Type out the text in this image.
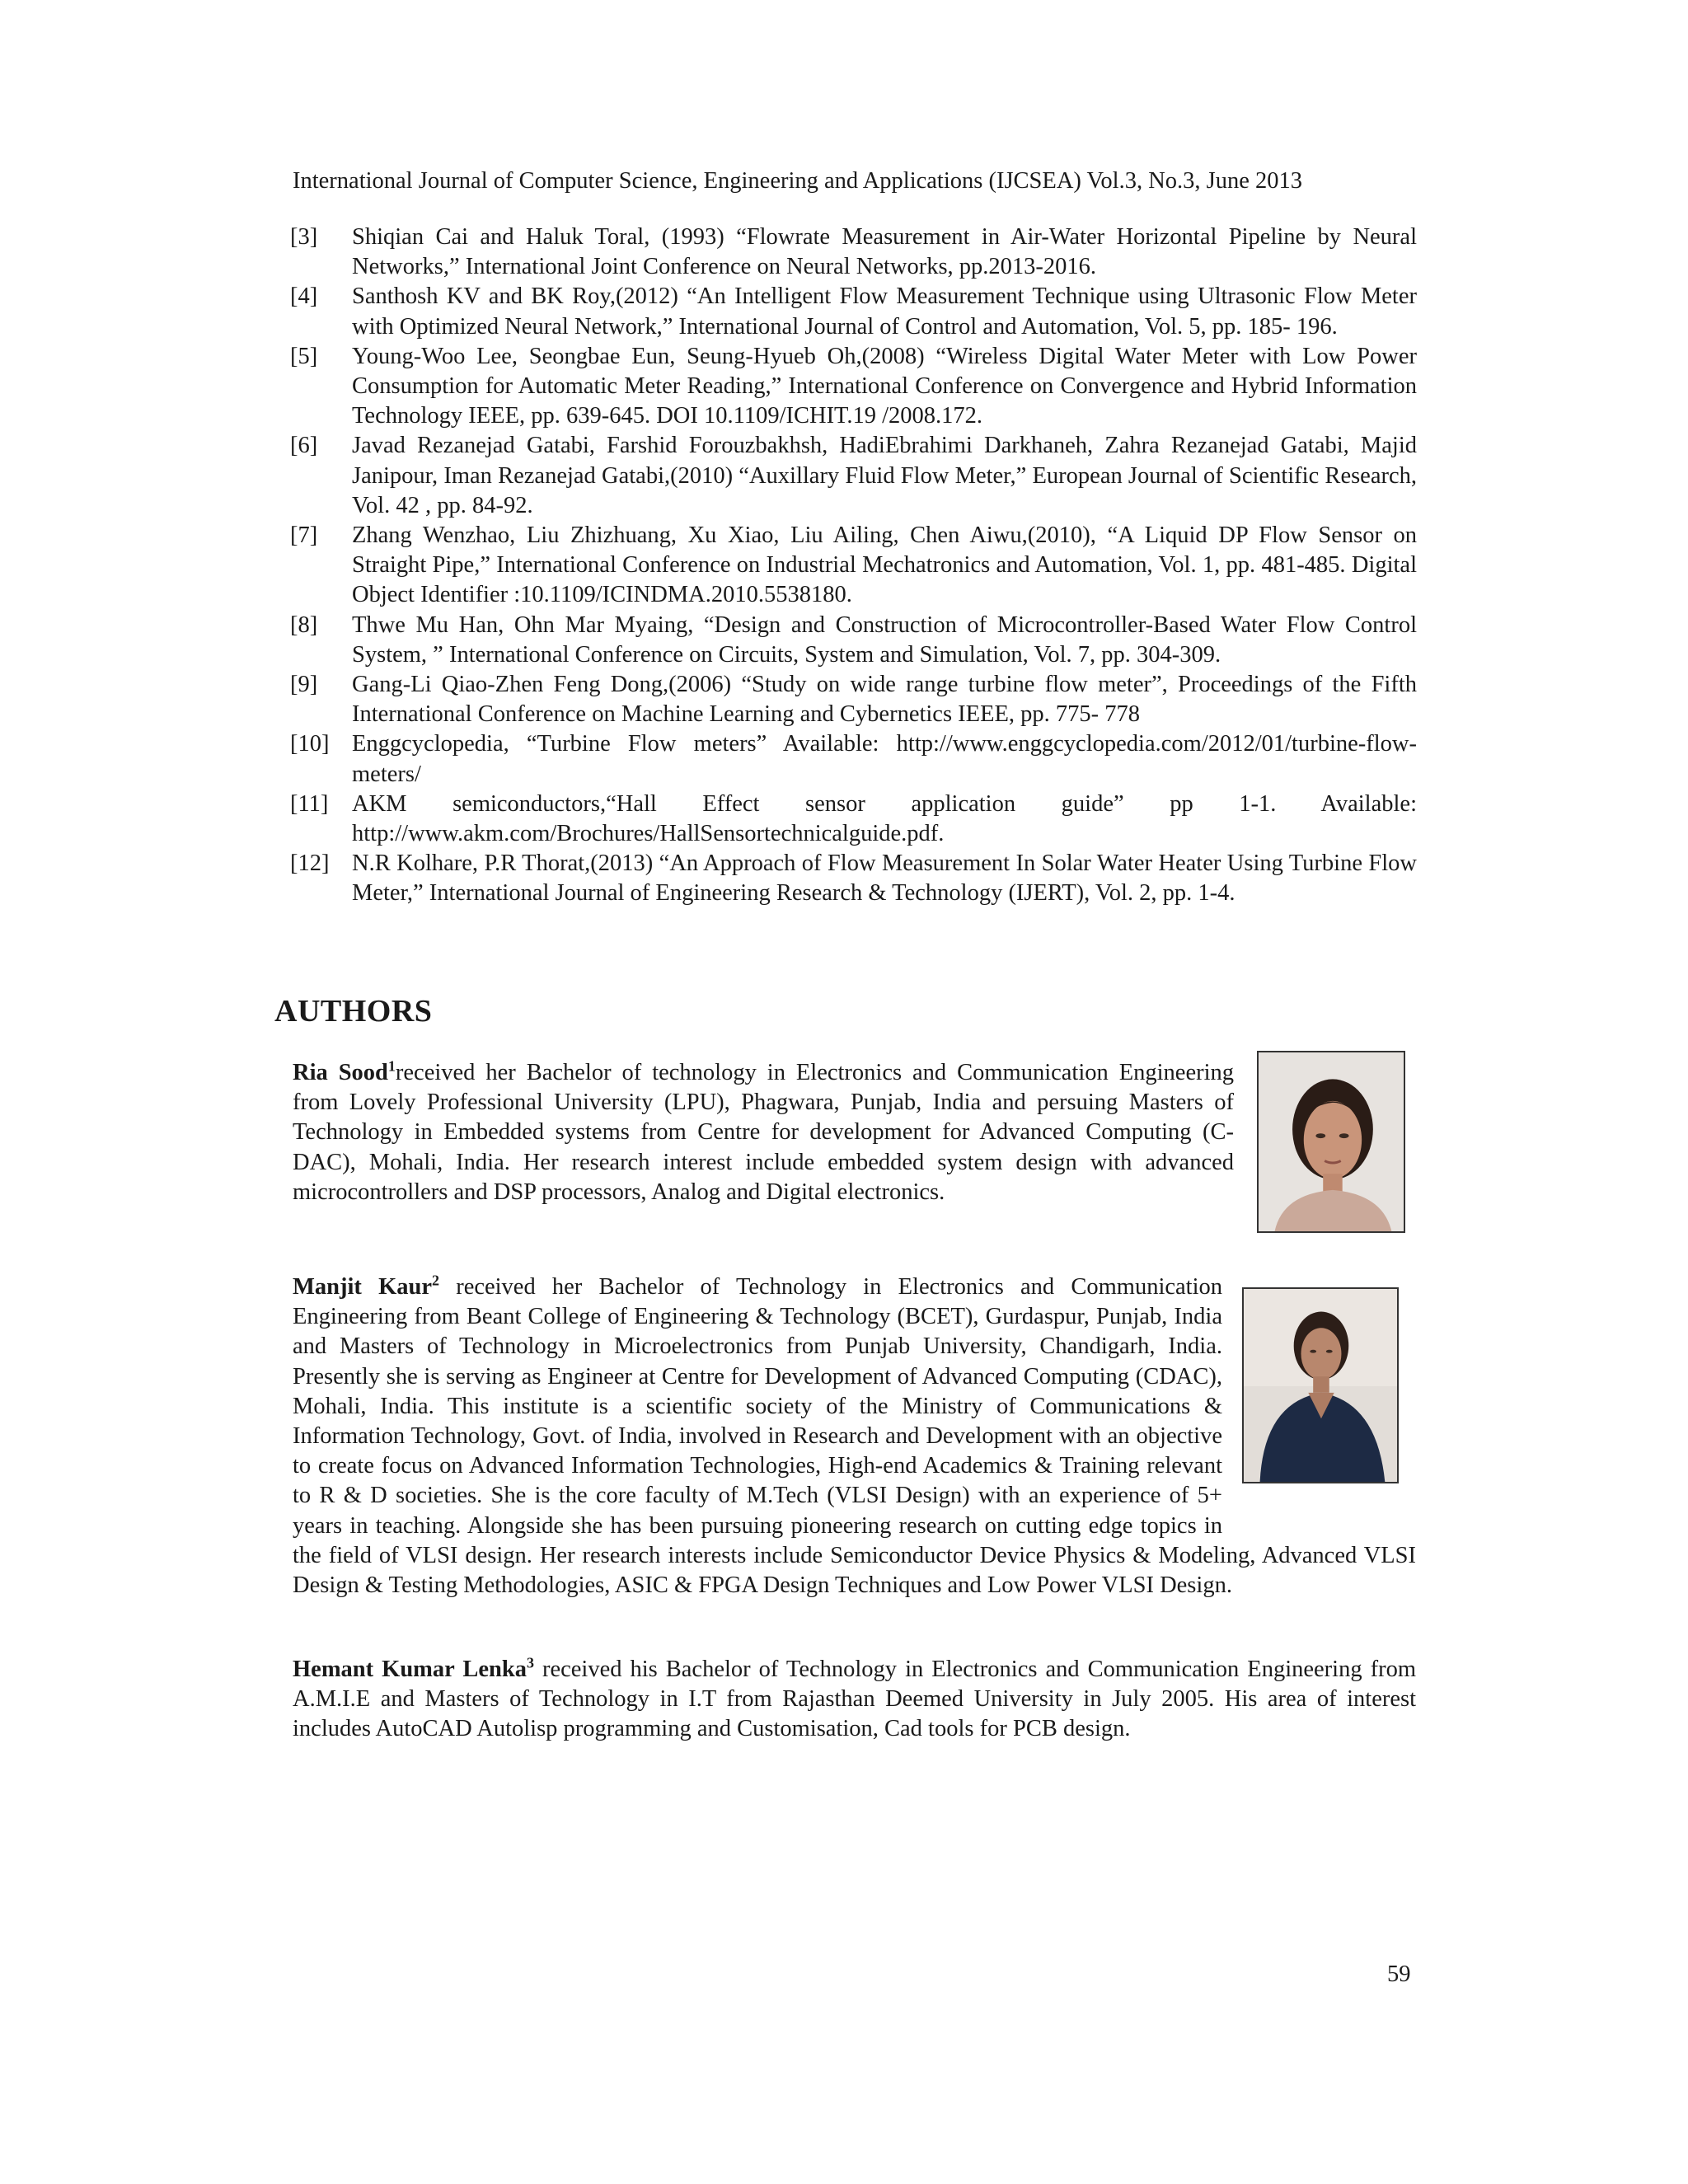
International Journal of Computer Science, Engineering and Applications (IJCSEA) Vol.3, No.3, June 2013
[3] Shiqian Cai and Haluk Toral, (1993) “Flowrate Measurement in Air-Water Horizontal Pipeline by Neural Networks,” International Joint Conference on Neural Networks, pp.2013-2016.
[4] Santhosh KV and BK Roy,(2012) “An Intelligent Flow Measurement Technique using Ultrasonic Flow Meter with Optimized Neural Network,” International Journal of Control and Automation, Vol. 5, pp. 185- 196.
[5] Young-Woo Lee, Seongbae Eun, Seung-Hyueb Oh,(2008) “Wireless Digital Water Meter with Low Power Consumption for Automatic Meter Reading,” International Conference on Convergence and Hybrid Information Technology IEEE, pp. 639-645. DOI 10.1109/ICHIT.19 /2008.172.
[6] Javad Rezanejad Gatabi, Farshid Forouzbakhsh, HadiEbrahimi Darkhaneh, Zahra Rezanejad Gatabi, Majid Janipour, Iman Rezanejad Gatabi,(2010) “Auxillary Fluid Flow Meter,” European Journal of Scientific Research, Vol. 42 , pp. 84-92.
[7] Zhang Wenzhao, Liu Zhizhuang, Xu Xiao, Liu Ailing, Chen Aiwu,(2010), “A Liquid DP Flow Sensor on Straight Pipe,” International Conference on Industrial Mechatronics and Automation, Vol. 1, pp. 481-485. Digital Object Identifier :10.1109/ICINDMA.2010.5538180.
[8] Thwe Mu Han, Ohn Mar Myaing, “Design and Construction of Microcontroller-Based Water Flow Control System, ” International Conference on Circuits, System and Simulation, Vol. 7, pp. 304-309.
[9] Gang-Li Qiao-Zhen Feng Dong,(2006) “Study on wide range turbine flow meter”, Proceedings of the Fifth International Conference on Machine Learning and Cybernetics IEEE, pp. 775- 778
[10] Enggcyclopedia, “Turbine Flow meters” Available: http://www.enggcyclopedia.com/2012/01/turbine-flow-meters/
[11] AKM semiconductors,“Hall Effect sensor application guide” pp 1-1. Available: http://www.akm.com/Brochures/HallSensortechnicalguide.pdf.
[12] N.R Kolhare, P.R Thorat,(2013) “An Approach of Flow Measurement In Solar Water Heater Using Turbine Flow Meter,” International Journal of Engineering Research & Technology (IJERT), Vol. 2, pp. 1-4.
AUTHORS
Ria Sood$^1$received her Bachelor of technology in Electronics and Communication Engineering from Lovely Professional University (LPU), Phagwara, Punjab, India and persuing Masters of Technology in Embedded systems from Centre for development for Advanced Computing (C-DAC), Mohali, India. Her research interest include embedded system design with advanced microcontrollers and DSP processors, Analog and Digital electronics.
Manjit Kaur$^2$ received her Bachelor of Technology in Electronics and Communication Engineering from Beant College of Engineering & Technology (BCET), Gurdaspur, Punjab, India and Masters of Technology in Microelectronics from Punjab University, Chandigarh, India. Presently she is serving as Engineer at Centre for Development of Advanced Computing (CDAC), Mohali, India. This institute is a scientific society of the Ministry of Communications & Information Technology, Govt. of India, involved in Research and Development with an objective to create focus on Advanced Information Technologies, High-end Academics & Training relevant to R & D societies. She is the core faculty of M.Tech (VLSI Design) with an experience of 5+ years in teaching. Alongside she has been pursuing pioneering research on cutting edge topics in the field of VLSI design. Her research interests include Semiconductor Device Physics & Modeling, Advanced VLSI Design & Testing Methodologies, ASIC & FPGA Design Techniques and Low Power VLSI Design.
Hemant Kumar Lenka$^3$ received his Bachelor of Technology in Electronics and Communication Engineering from A.M.I.E and Masters of Technology in I.T from Rajasthan Deemed University in July 2005. His area of interest includes AutoCAD Autolisp programming and Customisation, Cad tools for PCB design.
59
